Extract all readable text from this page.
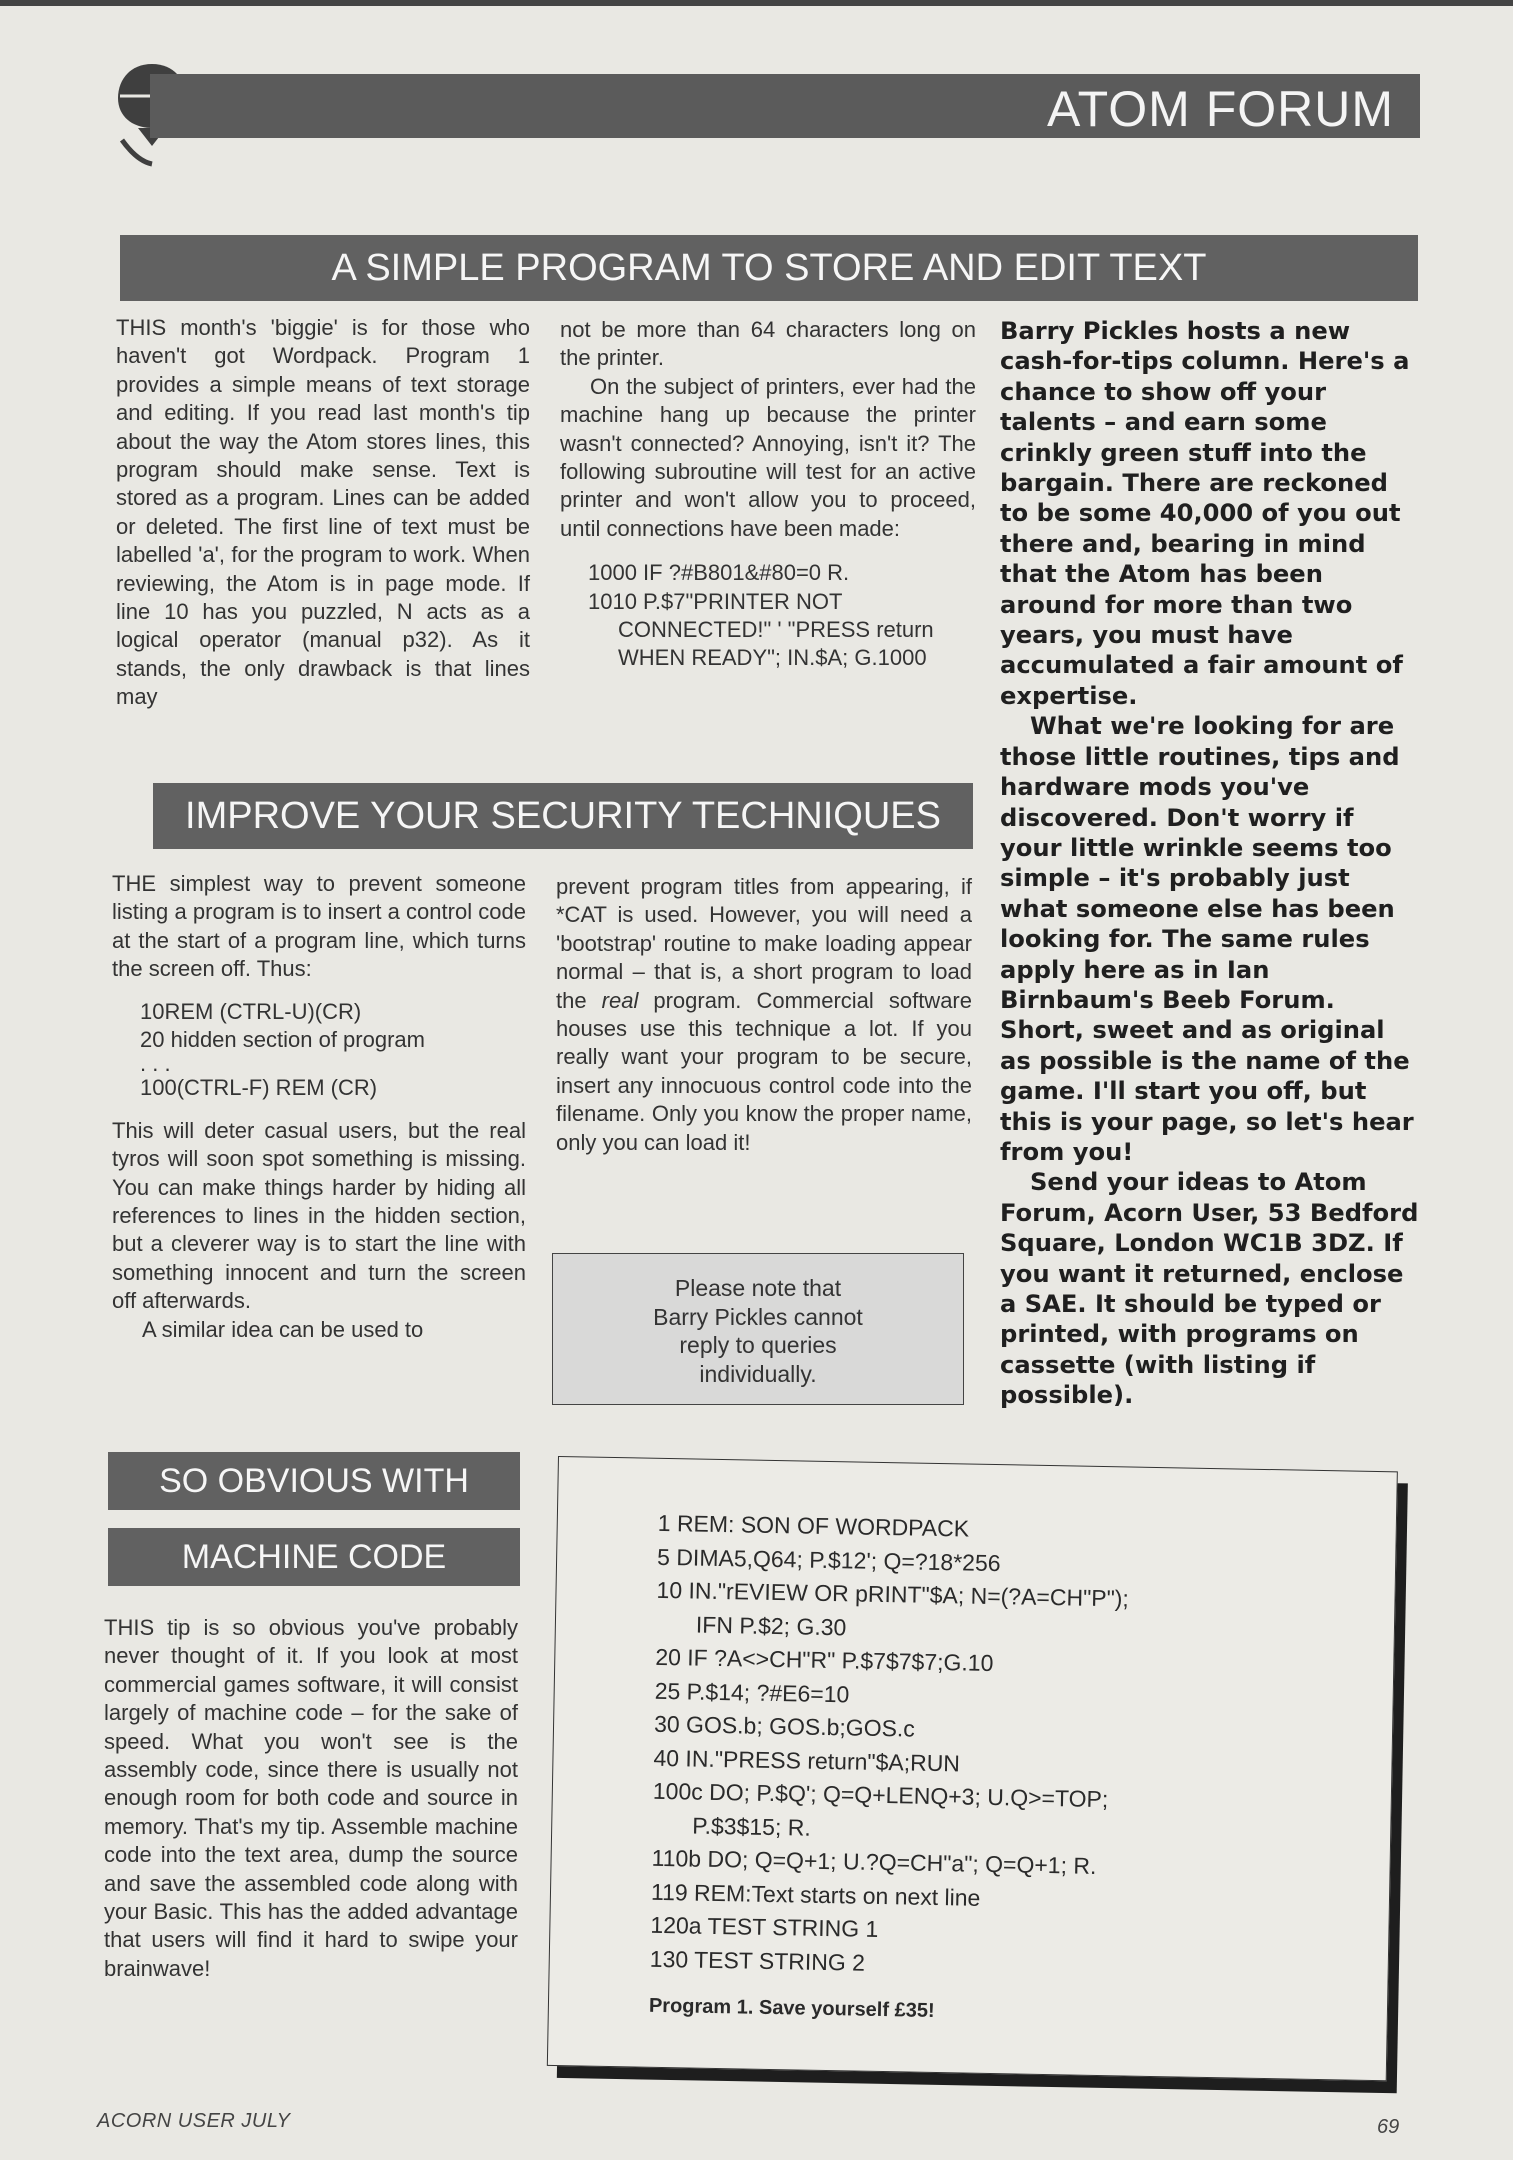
ATOM FORUM
A SIMPLE PROGRAM TO STORE AND EDIT TEXT

THIS month's 'biggie' is for those who haven't got Wordpack. Program 1 provides a simple means of text storage and editing. If you read last month's tip about the way the Atom stores lines, this program should make sense. Text is stored as a program. Lines can be added or deleted. The first line of text must be labelled 'a', for the program to work. When reviewing, the Atom is in page mode. If line 10 has you puzzled, N acts as a logical operator (manual p32). As it stands, the only drawback is that lines may

not be more than 64 characters long on the printer.

On the subject of printers, ever had the machine hang up because the printer wasn't connected? Annoying, isn't it? The following subroutine will test for an active printer and won't allow you to proceed, until connections have been made:

1000 IF ?#B801&#80=0 R.
1010 P.$7"PRINTER NOT
CONNECTED!" ' "PRESS return
WHEN READY"; IN.$A; G.1000

Barry Pickles hosts a new cash-for-tips column. Here's a chance to show off your talents – and earn some crinkly green stuff into the bargain. There are reckoned to be some 40,000 of you out there and, bearing in mind that the Atom has been around for more than two years, you must have accumulated a fair amount of expertise.

What we're looking for are those little routines, tips and hardware mods you've discovered. Don't worry if your little wrinkle seems too simple – it's probably just what someone else has been looking for. The same rules apply here as in Ian Birnbaum's Beeb Forum. Short, sweet and as original as possible is the name of the game. I'll start you off, but this is your page, so let's hear from you!

Send your ideas to Atom Forum, Acorn User, 53 Bedford Square, London WC1B 3DZ. If you want it returned, enclose a SAE. It should be typed or printed, with programs on cassette (with listing if possible).

IMPROVE YOUR SECURITY TECHNIQUES

THE simplest way to prevent someone listing a program is to insert a control code at the start of a program line, which turns the screen off. Thus:

10REM (CTRL-U)(CR)
20 hidden section of program
. . .
100(CTRL-F) REM (CR)

This will deter casual users, but the real tyros will soon spot something is missing. You can make things harder by hiding all references to lines in the hidden section, but a cleverer way is to start the line with something innocent and turn the screen off afterwards.

A similar idea can be used to

prevent program titles from appearing, if *CAT is used. However, you will need a 'bootstrap' routine to make loading appear normal – that is, a short program to load the real program. Commercial software houses use this technique a lot. If you really want your program to be secure, insert any innocuous control code into the filename. Only you know the proper name, only you can load it!

Please note that
Barry Pickles cannot
reply to queries
individually.
SO OBVIOUS WITH
MACHINE CODE

THIS tip is so obvious you've probably never thought of it. If you look at most commercial games software, it will consist largely of machine code – for the sake of speed. What you won't see is the assembly code, since there is usually not enough room for both code and source in memory. That's my tip. Assemble machine code into the text area, dump the source and save the assembled code along with your Basic. This has the added advantage that users will find it hard to swipe your brainwave!

1 REM: SON OF WORDPACK
5 DIMA5,Q64; P.$12'; Q=?18*256
10 IN."rEVIEW OR pRINT"$A; N=(?A=CH"P");
IFN P.$2; G.30
20 IF ?A<>CH"R" P.$7$7$7;G.10
25 P.$14; ?#E6=10
30 GOS.b; GOS.b;GOS.c
40 IN."PRESS return"$A;RUN
100c DO; P.$Q'; Q=Q+LENQ+3; U.Q>=TOP;
P.$3$15; R.
110b DO; Q=Q+1; U.?Q=CH"a"; Q=Q+1; R.
119 REM:Text starts on next line
120a TEST STRING 1
130 TEST STRING 2
Program 1. Save yourself £35!
ACORN USER JULY	69
